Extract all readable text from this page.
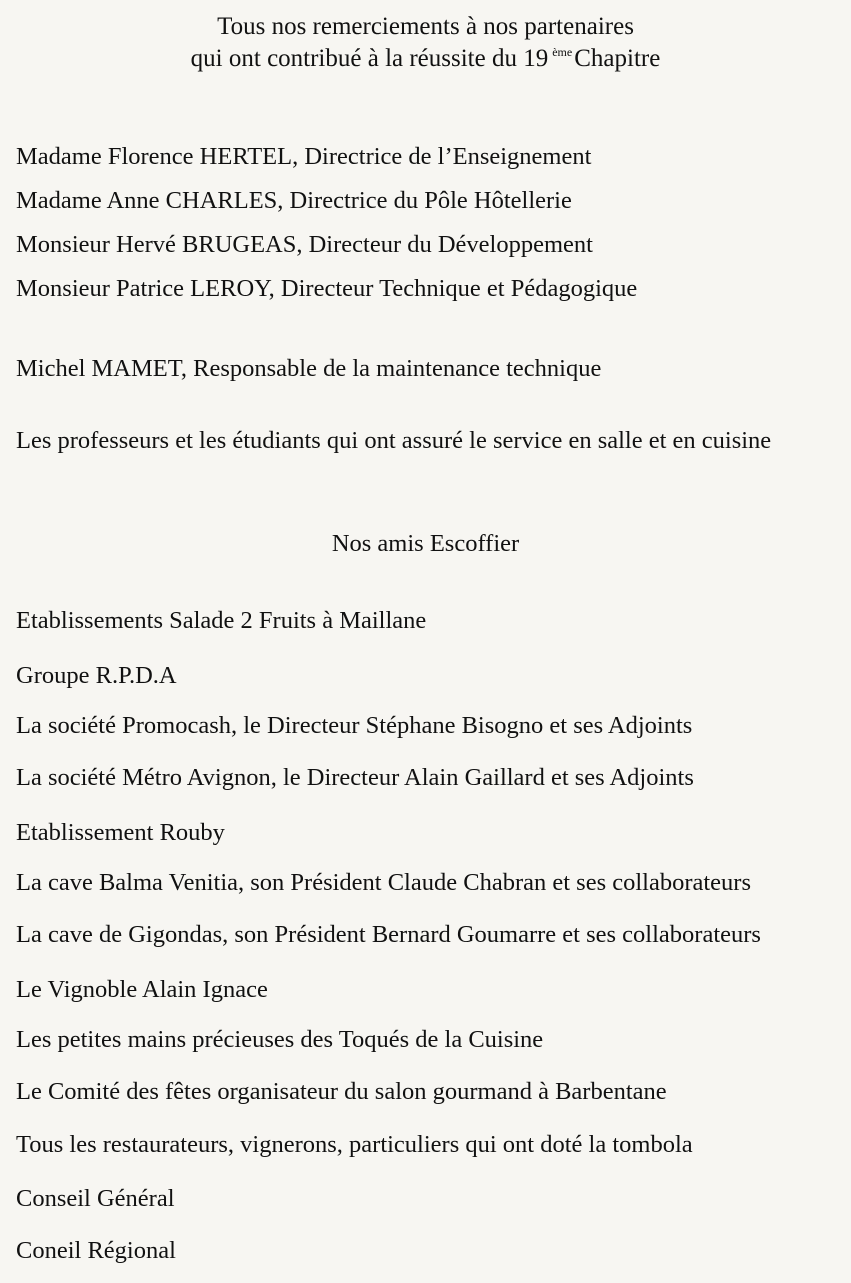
Tous nos remerciements à nos partenaires
qui ont contribué à la réussite du 19 $^{ème}$Chapitre
Madame Florence HERTEL, Directrice de l’Enseignement
Madame Anne CHARLES, Directrice du Pôle Hôtellerie
Monsieur Hervé BRUGEAS, Directeur du Développement
Monsieur Patrice LEROY, Directeur Technique et Pédagogique
Michel MAMET, Responsable de la maintenance technique
Les professeurs et les étudiants qui ont assuré le service en salle et en cuisine
Nos amis Escoffier
Etablissements Salade 2 Fruits à Maillane
Groupe R.P.D.A
La société Promocash, le Directeur Stéphane Bisogno et ses Adjoints
La société Métro Avignon, le Directeur Alain Gaillard et ses Adjoints
Etablissement Rouby
La cave Balma Venitia, son Président Claude Chabran et ses collaborateurs
La cave de Gigondas, son Président Bernard Goumarre et ses collaborateurs
Le Vignoble Alain Ignace
Les petites mains précieuses des Toqués de la Cuisine
Le Comité des fêtes organisateur du salon gourmand à Barbentane
Tous les restaurateurs, vignerons, particuliers qui ont doté la tombola
Conseil Général
Coneil Régional
